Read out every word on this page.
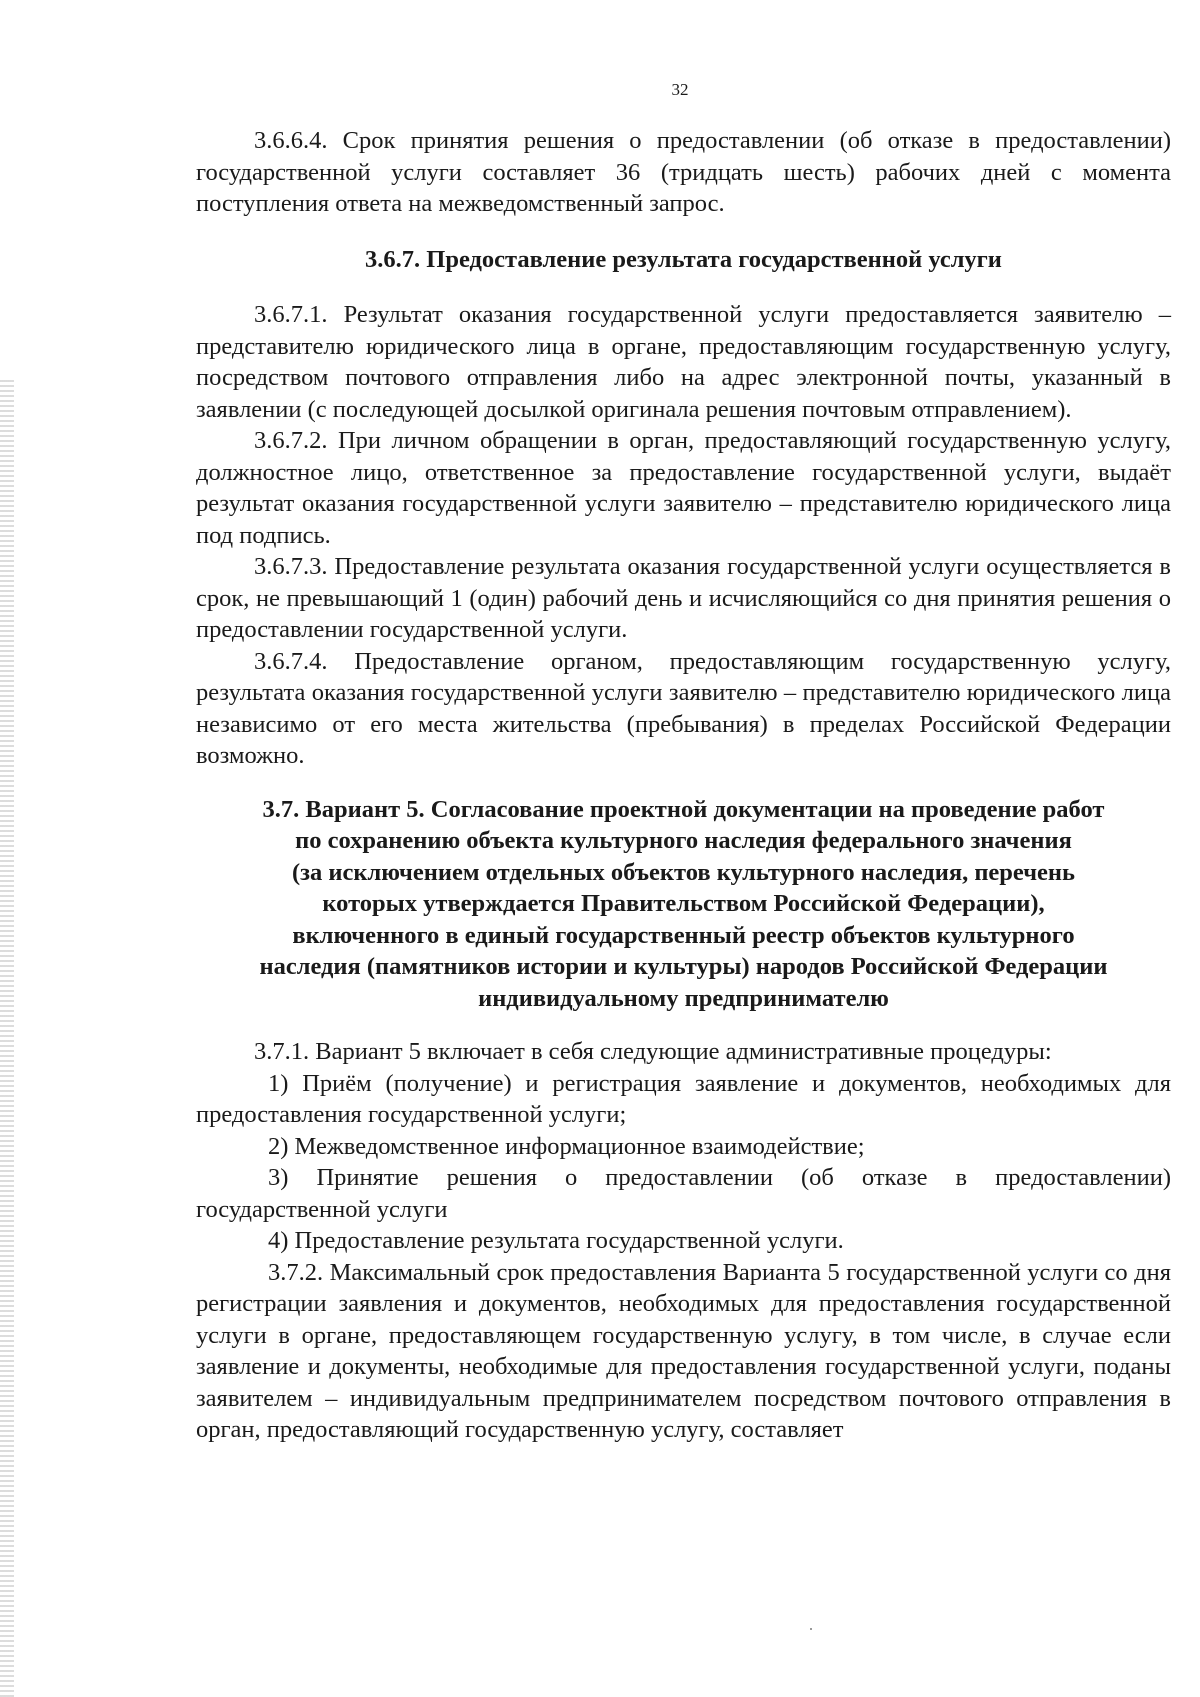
32

3.6.6.4. Срок принятия решения о предоставлении (об отказе в предоставлении) государственной услуги составляет 36 (тридцать шесть) рабочих дней с момента поступления ответа на межведомственный запрос.

3.6.7. Предоставление результата государственной услуги

3.6.7.1. Результат оказания государственной услуги предоставляется заявителю – представителю юридического лица в органе, предоставляющим государственную услугу, посредством почтового отправления либо на адрес электронной почты, указанный в заявлении (с последующей досылкой оригинала решения почтовым отправлением).

3.6.7.2. При личном обращении в орган, предоставляющий государственную услугу, должностное лицо, ответственное за предоставление государственной услуги, выдаёт результат оказания государственной услуги заявителю – представителю юридического лица под подпись.

3.6.7.3. Предоставление результата оказания государственной услуги осуществляется в срок, не превышающий 1 (один) рабочий день и исчисляющийся со дня принятия решения о предоставлении государственной услуги.

3.6.7.4. Предоставление органом, предоставляющим государственную услугу, результата оказания государственной услуги заявителю – представителю юридического лица независимо от его места жительства (пребывания) в пределах Российской Федерации возможно.

3.7. Вариант 5. Согласование проектной документации на проведение работ
по сохранению объекта культурного наследия федерального значения
(за исключением отдельных объектов культурного наследия, перечень
которых утверждается Правительством Российской Федерации),
включенного в единый государственный реестр объектов культурного
наследия (памятников истории и культуры) народов Российской Федерации
индивидуальному предпринимателю

3.7.1. Вариант 5 включает в себя следующие административные процедуры:

1) Приём (получение) и регистрация заявление и документов, необходимых для предоставления государственной услуги;

2) Межведомственное информационное взаимодействие;

3) Принятие решения о предоставлении (об отказе в предоставлении) государственной услуги

4) Предоставление результата государственной услуги.

3.7.2. Максимальный срок предоставления Варианта 5 государственной услуги со дня регистрации заявления и документов, необходимых для предоставления государственной услуги в органе, предоставляющем государственную услугу, в том числе, в случае если заявление и документы, необходимые для предоставления государственной услуги, поданы заявителем – индивидуальным предпринимателем посредством почтового отправления в орган, предоставляющий государственную услугу, составляет
